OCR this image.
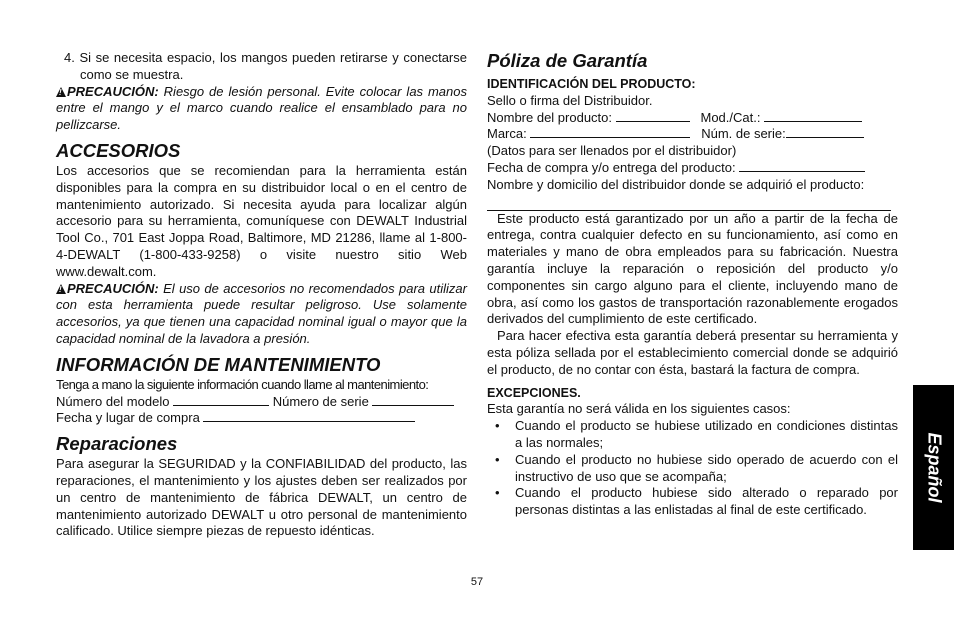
4. Si se necesita espacio, los mangos pueden retirarse y conectarse como se muestra.

!PRECAUCIÓN: Riesgo de lesión personal. Evite colocar las manos entre el mango y el marco cuando realice el ensamblado para no pellizcarse.

ACCESORIOS

Los accesorios que se recomiendan para la herramienta están disponibles para la compra en su distribuidor local o en el centro de mantenimiento autorizado. Si necesita ayuda para localizar algún accesorio para su herramienta, comuníquese con DEWALT Industrial Tool Co., 701 East Joppa Road, Baltimore, MD 21286, llame al 1-800-4-DEWALT (1-800-433-9258) o visite nuestro sitio Web www.dewalt.com.

!PRECAUCIÓN: El uso de accesorios no recomendados para utilizar con esta herramienta puede resultar peligroso. Use solamente accesorios, ya que tienen una capacidad nominal igual o mayor que la capacidad nominal de la lavadora a presión.

INFORMACIÓN DE MANTENIMIENTO

Tenga a mano la siguiente información cuando llame al mantenimiento:

Número del modelo	Número de serie

Fecha y lugar de compra

Reparaciones

Para asegurar la SEGURIDAD y la CONFIABILIDAD del producto, las reparaciones, el mantenimiento y los ajustes deben ser realizados por un centro de mantenimiento de fábrica DEWALT, un centro de mantenimiento autorizado DEWALT u otro personal de mantenimiento calificado. Utilice siempre piezas de repuesto idénticas.

Póliza de Garantía

IDENTIFICACIÓN DEL PRODUCTO:

Sello o firma del Distribuidor.

Nombre del producto:	Mod./Cat.:

Marca:	Núm. de serie:

(Datos para ser llenados por el distribuidor)

Fecha de compra y/o entrega del producto:

Nombre y domicilio del distribuidor donde se adquirió el producto:

Este producto está garantizado por un año a partir de la fecha de entrega, contra cualquier defecto en su funcionamiento, así como en materiales y mano de obra empleados para su fabricación. Nuestra garantía incluye la reparación o reposición del producto y/o componentes sin cargo alguno para el cliente, incluyendo mano de obra, así como los gastos de transportación razonablemente erogados derivados del cumplimiento de este certificado.

Para hacer efectiva esta garantía deberá presentar su herramienta y esta póliza sellada por el establecimiento comercial donde se adquirió el producto, de no contar con ésta, bastará la factura de compra.

EXCEPCIONES.

Esta garantía no será válida en los siguientes casos:

•	Cuando el producto se hubiese utilizado en condiciones distintas a las normales;
•	Cuando el producto no hubiese sido operado de acuerdo con el instructivo de uso que se acompaña;
•	Cuando el producto hubiese sido alterado o reparado por personas distintas a las enlistadas al final de este certificado.
Español
57
